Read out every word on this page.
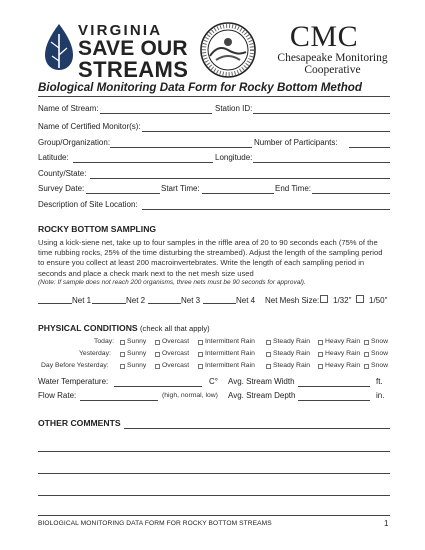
VIRGINIA
SAVE OUR
STREAMS
CMC
Chesapeake Monitoring
Cooperative
Biological Monitoring Data Form for Rocky Bottom Method
Name of Stream:	Station ID:
Name of Certified Monitor(s):
Group/Organization:	Number of Participants:
Latitude:	Longitude:
County/State:
Survey Date:	Start Time:	End Time:
Description of Site Location:
ROCKY BOTTOM SAMPLING
Using a kick-siene net, take up to four samples in the riffle area of 20 to 90 seconds each (75% of the time rubbing rocks, 25% of the time disturbing the streambed). Adjust the length of the sampling period to ensure you collect at least 200 macroinvertebrates. Write the length of each sampling period in seconds and place a check mark next to the net mesh size used
(Note: If sample does not reach 200 organisms, three nets must be 90 seconds for approval).
Net 1	Net 2	Net 3	Net 4 Net Mesh Size: 1/32" 1/50"
PHYSICAL CONDITIONS (check all that apply)
Today: Sunny Overcast Intermittent Rain	Steady Rain Heavy Rain Snow
Yesterday: Sunny Overcast Intermittent Rain	Steady Rain Heavy Rain Snow
Day Before Yesterday:	Sunny Overcast Intermittent Rain	Steady Rain Heavy Rain Snow
Water Temperature:	C° Avg. Stream Width	ft.
Flow Rate:	(high, normal, low) Avg. Stream Depth	in.
OTHER COMMENTS
BIOLOGICAL MONITORING DATA FORM FOR ROCKY BOTTOM STREAMS	1
